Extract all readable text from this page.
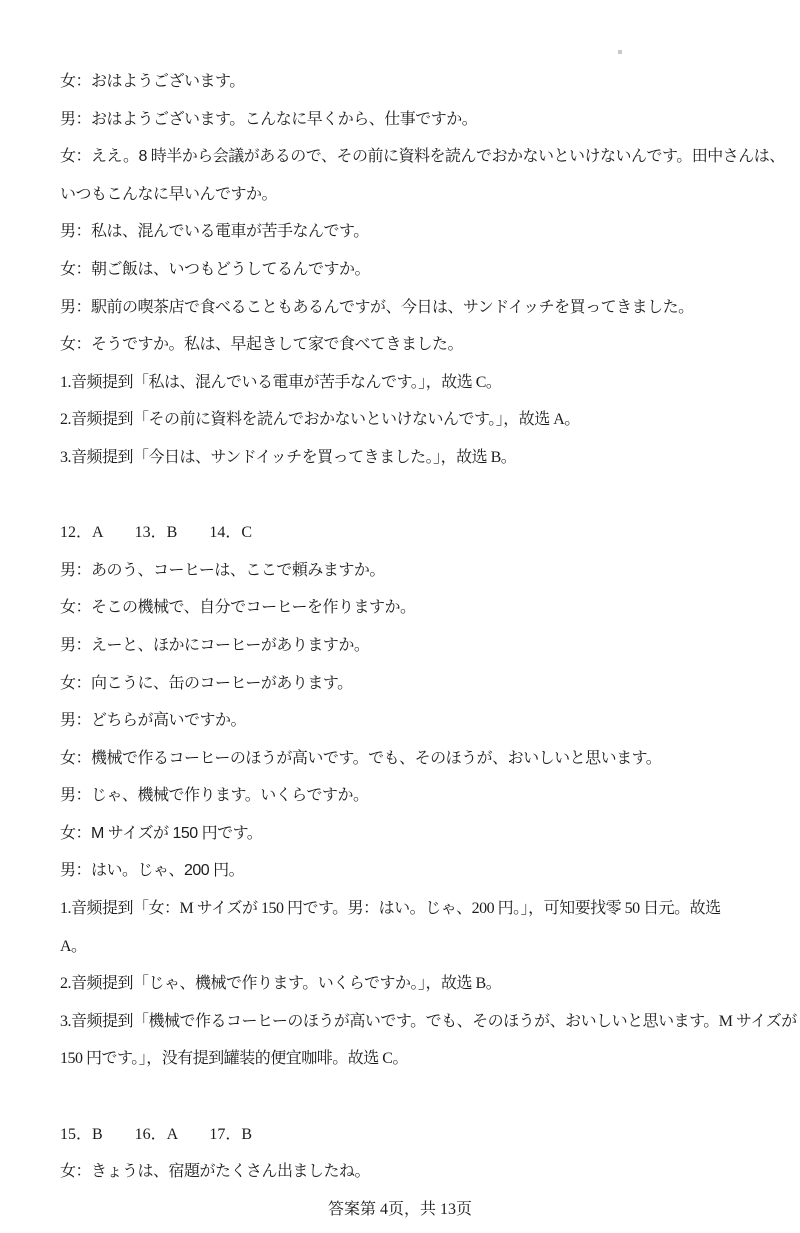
女：おはようございます。
男：おはようございます。こんなに早くから、仕事ですか。
女：ええ。8 時半から会議があるので、その前に資料を読んでおかないといけないんです。田中さんは、
いつもこんなに早いんですか。
男：私は、混んでいる電車が苦手なんです。
女：朝ご飯は、いつもどうしてるんですか。
男：駅前の喫茶店で食べることもあるんですが、今日は、サンドイッチを買ってきました。
女：そうですか。私は、早起きして家で食べてきました。
1.音频提到「私は、混んでいる電車が苦手なんです。」，故选 C。
2.音频提到「その前に資料を読んでおかないといけないんです。」，故选 A。
3.音频提到「今日は、サンドイッチを買ってきました。」，故选 B。
12．A　　13．B　　14．C
男：あのう、コーヒーは、ここで頼みますか。
女：そこの機械で、自分でコーヒーを作りますか。
男：えーと、ほかにコーヒーがありますか。
女：向こうに、缶のコーヒーがあります。
男：どちらが高いですか。
女：機械で作るコーヒーのほうが高いです。でも、そのほうが、おいしいと思います。
男：じゃ、機械で作ります。いくらですか。
女：M サイズが 150 円です。
男：はい。じゃ、200 円。
1.音频提到「女：M サイズが 150 円です。男：はい。じゃ、200 円。」，可知要找零 50 日元。故选
A。
2.音频提到「じゃ、機械で作ります。いくらですか。」，故选 B。
3.音频提到「機械で作るコーヒーのほうが高いです。でも、そのほうが、おいしいと思います。M サイズが
150 円です。」，没有提到罐装的便宜咖啡。故选 C。
15．B　　16．A　　17．B
女：きょうは、宿題がたくさん出ましたね。
答案第 4页，共 13页
